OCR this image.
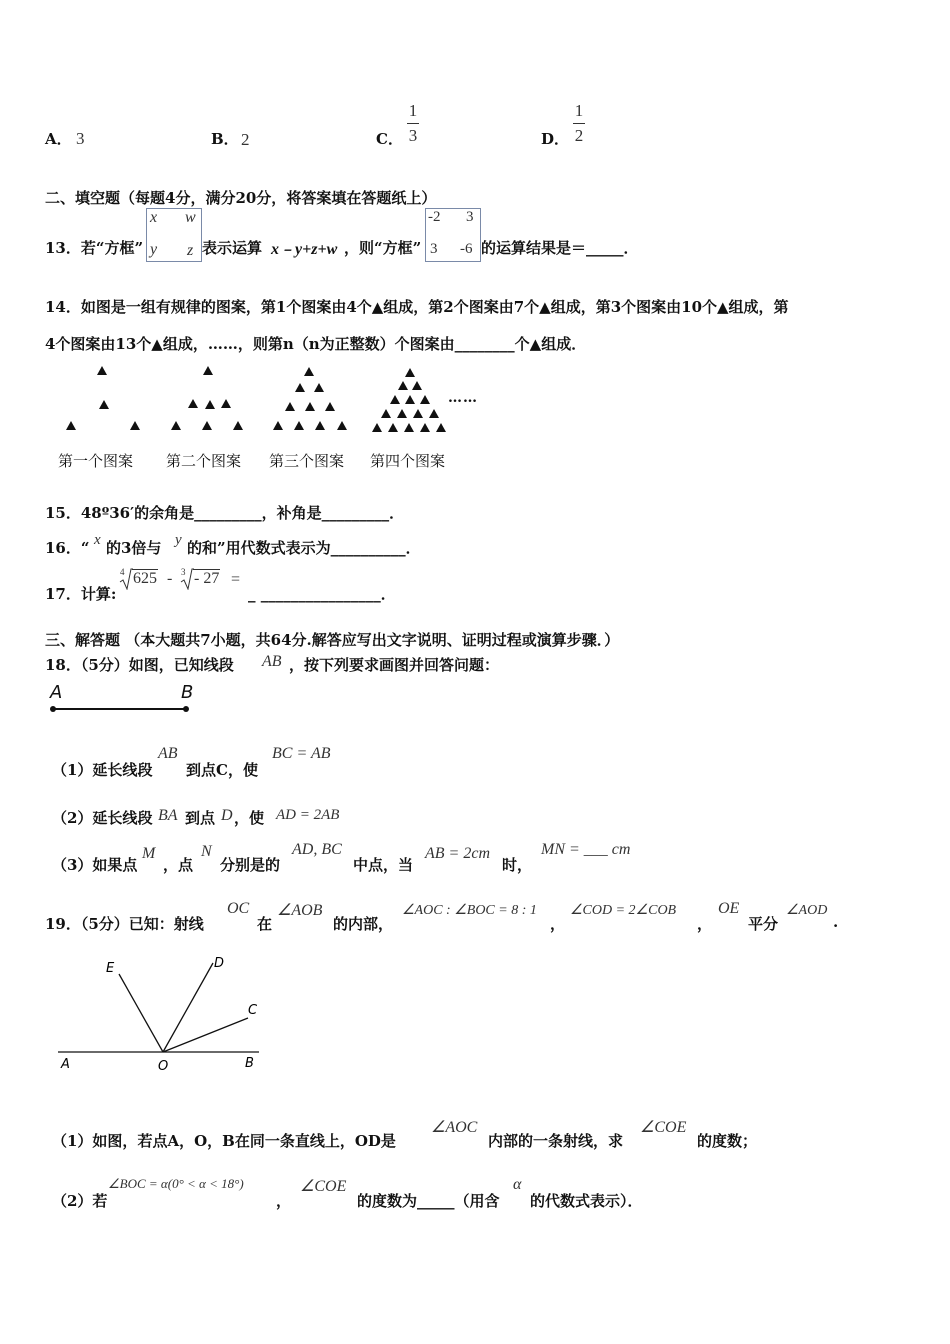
A． 3	B． 2	C．
1
3	D．
1
2
二、填空题（每题4分，满分20分，将答案填在答题纸上）
13．若“方框”
x w
y z 表示运算 x﹣y+z+w ，则“方框”
-2 3
3 -6 的运算结果是＝_____．
14．如图是一组有规律的图案，第1个图案由4个▲组成，第2个图案由7个▲组成，第3个图案由10个▲组成，第
4个图案由13个▲组成，……，则第n（n为正整数）个图案由________个▲组成．
……
第一个图案 第二个图案 第三个图案 第四个图案
15．48º36′的余角是_________，补角是_________．
16．“ x 的3倍与 y 的和”用代数式表示为__________．
17．计算:
4 625 - 3 - 27 =
_ ________________．
三、解答题 （本大题共7小题，共64分.解答应写出文字说明、证明过程或演算步骤．）
18．（5分）如图，已知线段 AB ，按下列要求画图并回答问题：
A	B
（1）延长线段
AB
到点C，使
BC = AB
（2）延长线段 BA 到点 D ，使 AD = 2AB
（3）如果点
M
，点
N
分别是的
AD, BC
中点，当
AB = 2cm
时，
MN = ___ cm
19．（5分）已知：射线
OC
在
∠AOB
的内部，
∠AOC : ∠BOC = 8 : 1
，
∠COD = 2∠COB
，
OE
平分
∠AOD
.
E	D
C
A	O	B
（1）如图，若点A，O，B在同一条直线上，OD是
∠AOC
内部的一条射线，求
∠COE
的度数；
（2）若
∠BOC = α(0° < α < 18°)
，
∠COE
的度数为_____（用含
α
的代数式表示）．
